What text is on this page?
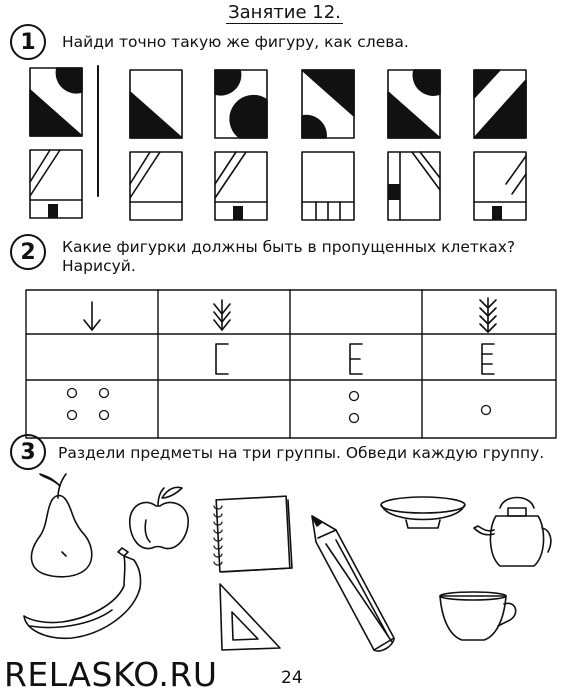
Занятие 12.
1	Найди точно такую же фигуру, как слева.
2	Какие фигурки должны быть в пропущенных клетках?
Нарисуй.
3	Раздели предметы на три группы. Обведи каждую группу.
RELASKO.RU	24
